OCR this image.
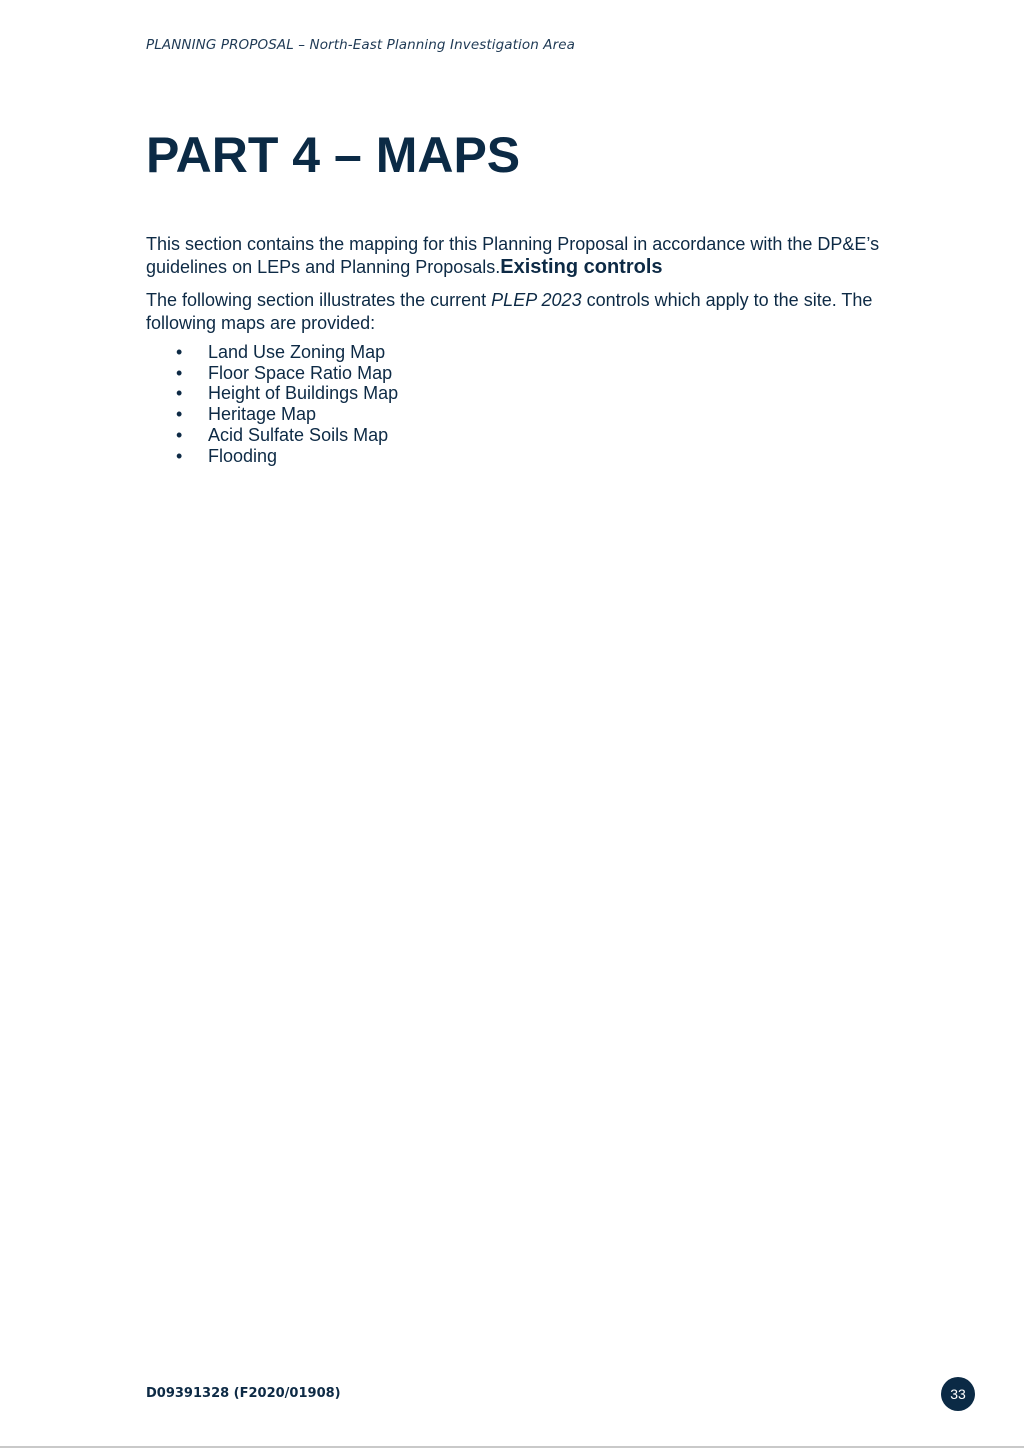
PLANNING PROPOSAL – North-East Planning Investigation Area
PART 4 – MAPS

This section contains the mapping for this Planning Proposal in accordance with the DP&E’s guidelines on LEPs and Planning Proposals.Existing controls

The following section illustrates the current PLEP 2023 controls which apply to the site. The following maps are provided:

• Land Use Zoning Map
• Floor Space Ratio Map
• Height of Buildings Map
• Heritage Map
• Acid Sulfate Soils Map
• Flooding
D09391328 (F2020/01908)	33
